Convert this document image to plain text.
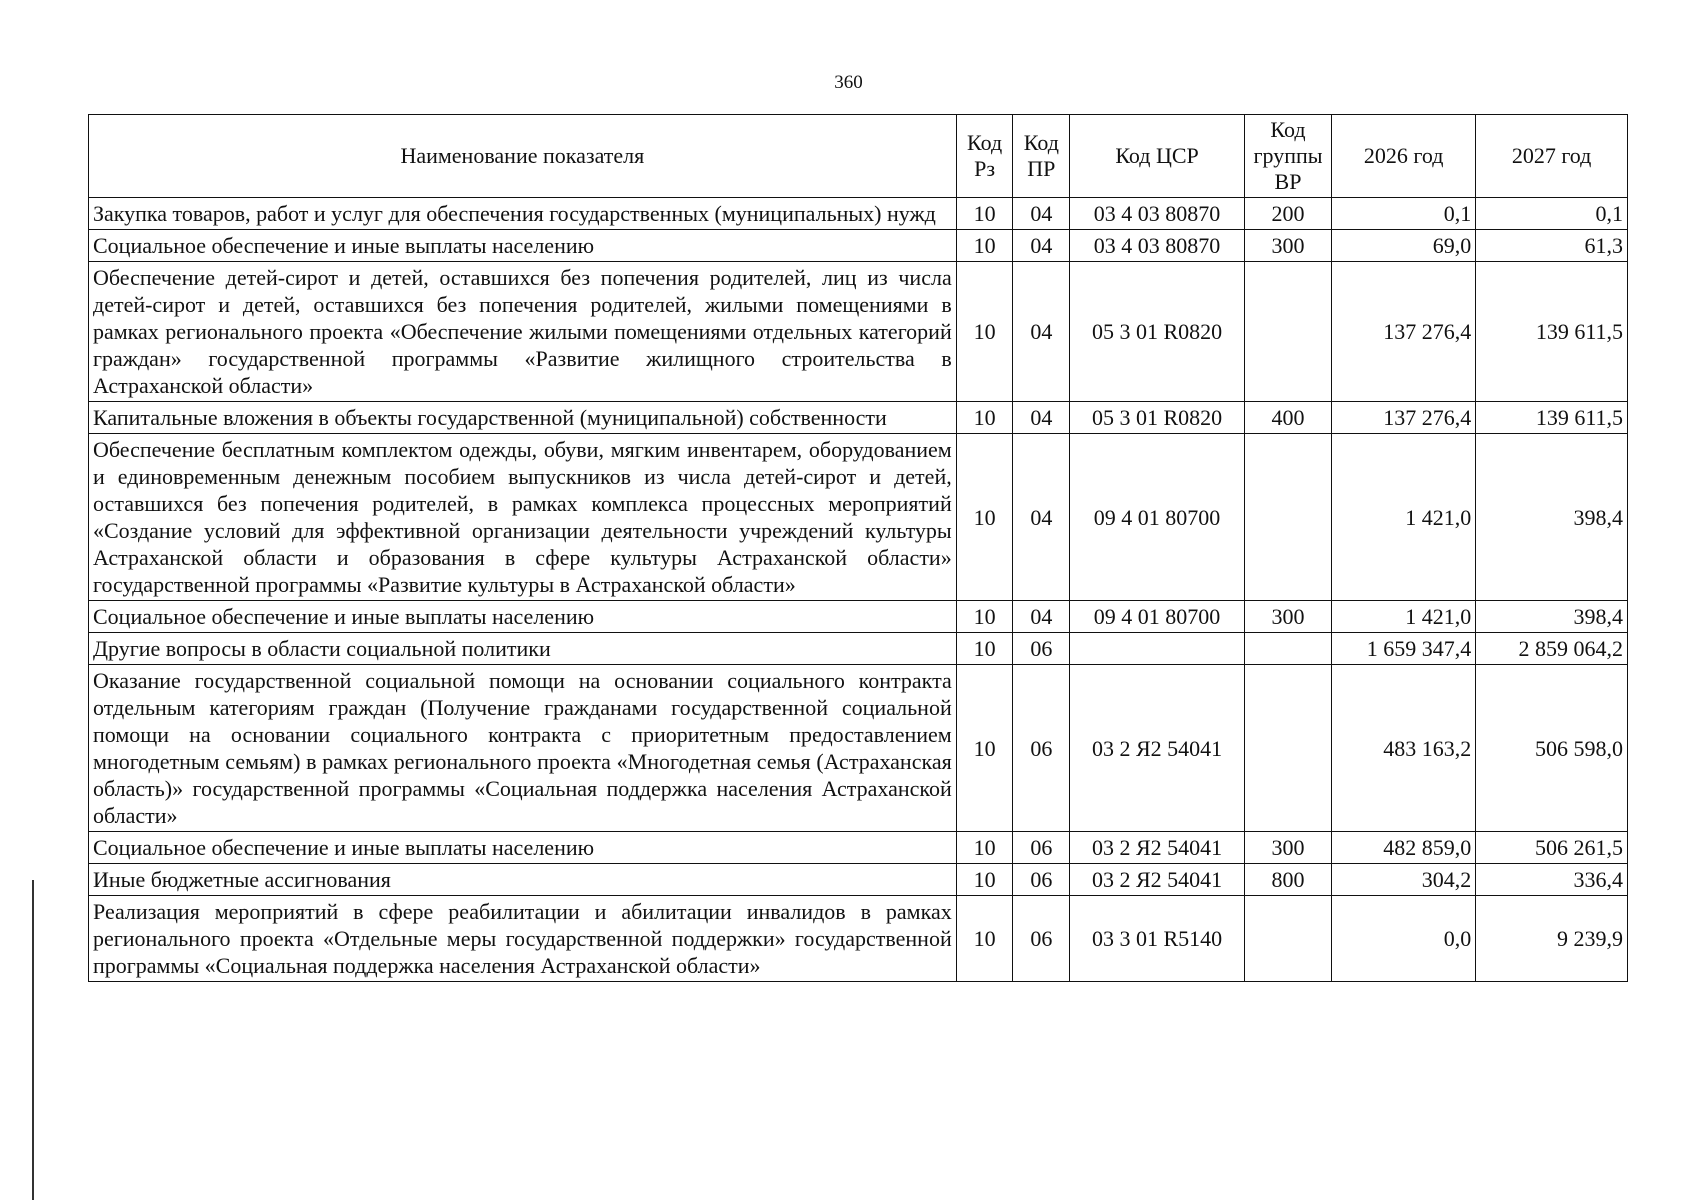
360
Наименование показателя	Код Рз	Код ПР	Код ЦСР	Код группы ВР	2026 год	2027 год
Закупка товаров, работ и услуг для обеспечения государственных (муниципальных) нужд	10	04	03 4 03 80870	200	0,1	0,1
Социальное обеспечение и иные выплаты населению	10	04	03 4 03 80870	300	69,0	61,3
Обеспечение детей-сирот и детей, оставшихся без попечения родителей, лиц из числа детей-сирот и детей, оставшихся без попечения родителей, жилыми помещениями в рамках регионального проекта «Обеспечение жилыми помещениями отдельных категорий граждан» государственной программы «Развитие жилищного строительства в Астраханской области»	10	04	05 3 01 R0820		137 276,4	139 611,5
Капитальные вложения в объекты государственной (муниципальной) собственности	10	04	05 3 01 R0820	400	137 276,4	139 611,5
Обеспечение бесплатным комплектом одежды, обуви, мягким инвентарем, оборудованием и единовременным денежным пособием выпускников из числа детей-сирот и детей, оставшихся без попечения родителей, в рамках комплекса процессных мероприятий «Создание условий для эффективной организации деятельности учреждений культуры Астраханской области и образования в сфере культуры Астраханской области» государственной программы «Развитие культуры в Астраханской области»	10	04	09 4 01 80700		1 421,0	398,4
Социальное обеспечение и иные выплаты населению	10	04	09 4 01 80700	300	1 421,0	398,4
Другие вопросы в области социальной политики	10	06			1 659 347,4	2 859 064,2
Оказание государственной социальной помощи на основании социального контракта отдельным категориям граждан (Получение гражданами государственной социальной помощи на основании социального контракта с приоритетным предоставлением многодетным семьям) в рамках регионального проекта «Многодетная семья (Астраханская область)» государственной программы «Социальная поддержка населения Астраханской области»	10	06	03 2 Я2 54041		483 163,2	506 598,0
Социальное обеспечение и иные выплаты населению	10	06	03 2 Я2 54041	300	482 859,0	506 261,5
Иные бюджетные ассигнования	10	06	03 2 Я2 54041	800	304,2	336,4
Реализация мероприятий в сфере реабилитации и абилитации инвалидов в рамках регионального проекта «Отдельные меры государственной поддержки» государственной программы «Социальная поддержка населения Астраханской области»	10	06	03 3 01 R5140		0,0	9 239,9
